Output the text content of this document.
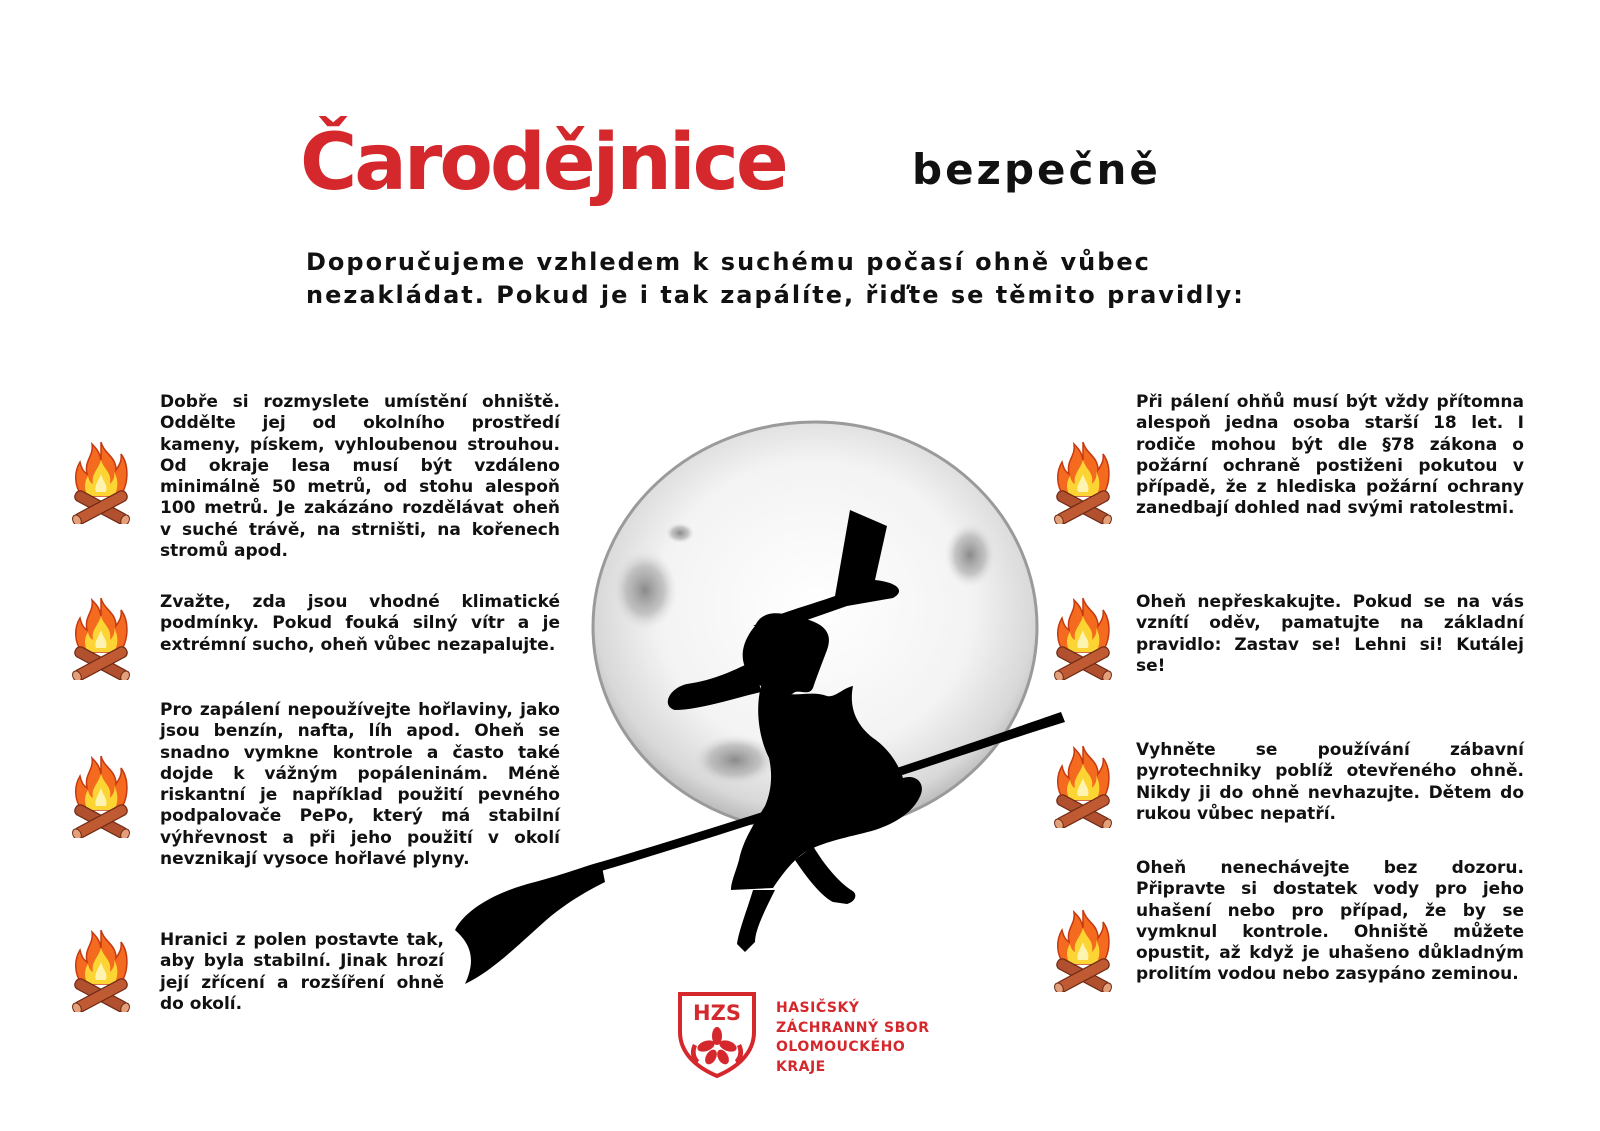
Čarodějnice	bezpečně
Doporučujeme vzhledem k suchému počasí ohně vůbec
nezakládat. Pokud je i tak zapálíte, řiďte se těmito pravidly:
Dobře si rozmyslete umístění ohniště. Oddělte jej od okolního prostředí kameny, pískem, vyhloubenou strouhou. Od okraje lesa musí být vzdáleno minimálně 50 metrů, od stohu alespoň 100 metrů. Je zakázáno rozdělávat oheň v suché trávě, na strništi, na kořenech stromů apod.
Zvažte, zda jsou vhodné klimatické podmínky. Pokud fouká silný vítr a je extrémní sucho, oheň vůbec nezapalujte.
Pro zapálení nepoužívejte hořlaviny, jako jsou benzín, nafta, líh apod. Oheň se snadno vymkne kontrole a často také dojde k vážným popáleninám. Méně riskantní je například použití pevného podpalovače PePo, který má stabilní výhřevnost a při jeho použití v okolí nevznikají vysoce hořlavé plyny.
Hranici z polen postavte tak, aby byla stabilní. Jinak hrozí její zřícení a rozšíření ohně do okolí.
Při pálení ohňů musí být vždy přítomna alespoň jedna osoba starší 18 let. I rodiče mohou být dle §78 zákona o požární ochraně postiženi pokutou v případě, že z hlediska požární ochrany zanedbají dohled nad svými ratolestmi.
Oheň nepřeskakujte. Pokud se na vás vznítí oděv, pamatujte na základní pravidlo: Zastav se! Lehni si! Kutálej se!
Vyhněte se používání zábavní pyrotechniky poblíž otevřeného ohně. Nikdy ji do ohně nevhazujte. Dětem do rukou vůbec nepatří.
Oheň nenechávejte bez dozoru. Připravte si dostatek vody pro jeho uhašení nebo pro případ, že by se vymknul kontrole. Ohniště můžete opustit, až když je uhašeno důkladným prolitím vodou nebo zasypáno zeminou.
HZS	HASIČSKÝ
ZÁCHRANNÝ SBOR
OLOMOUCKÉHO
KRAJE
